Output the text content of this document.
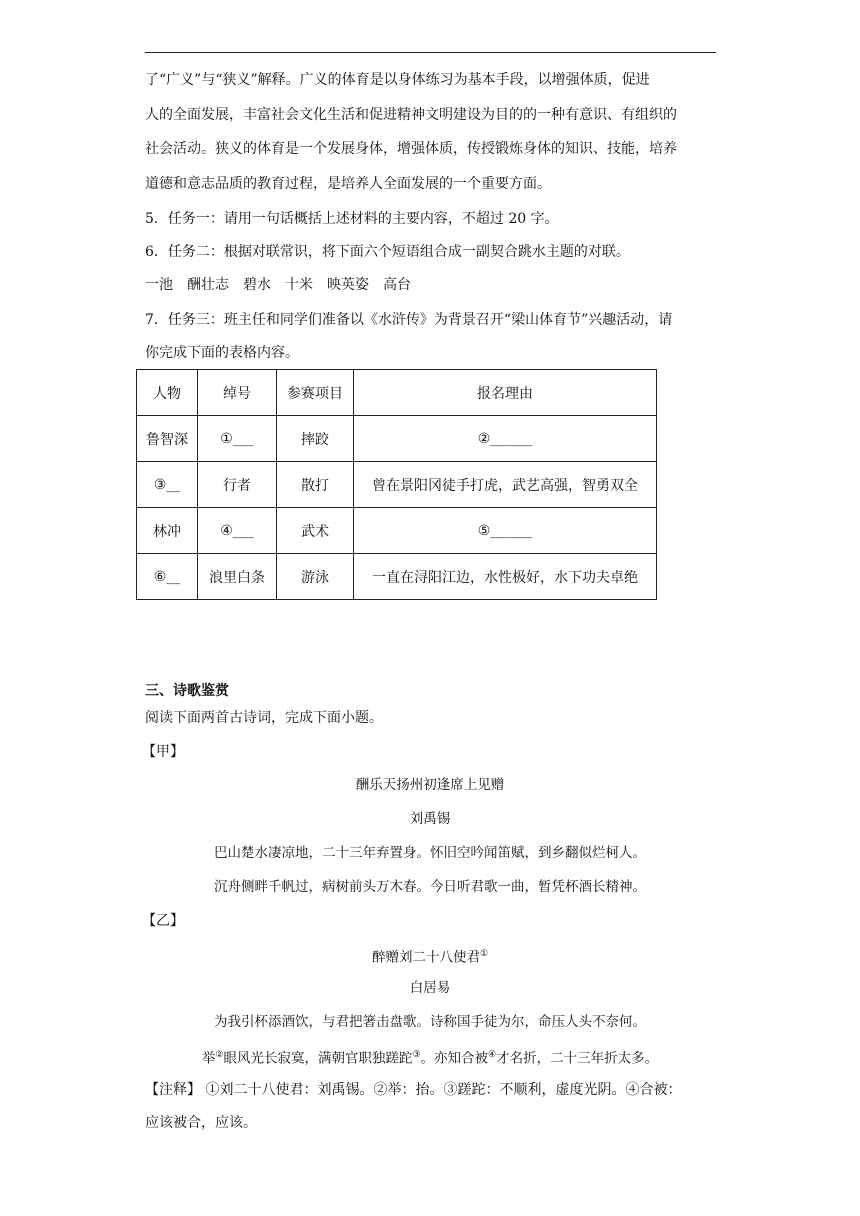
了“广义”与“狭义”解释。广义的体育是以身体练习为基本手段，以增强体质，促进
人的全面发展，丰富社会文化生活和促进精神文明建设为目的的一种有意识、有组织的
社会活动。狭义的体育是一个发展身体，增强体质，传授锻炼身体的知识、技能，培养
道德和意志品质的教育过程，是培养人全面发展的一个重要方面。
5．任务一：请用一句话概括上述材料的主要内容，不超过 20 字。
6．任务二：根据对联常识，将下面六个短语组合成一副契合跳水主题的对联。
一池　酬壮志　碧水　十米　映英姿　高台
7．任务三：班主任和同学们准备以《水浒传》为背景召开“梁山体育节”兴趣活动，请
你完成下面的表格内容。
人物	绰号	参赛项目	报名理由
鲁智深	①___	摔跤	②______
③__	行者	散打	曾在景阳冈徒手打虎，武艺高强，智勇双全
林冲	④___	武术	⑤______
⑥__	浪里白条	游泳	一直在浔阳江边，水性极好，水下功夫卓绝
三、诗歌鉴赏
阅读下面两首古诗词，完成下面小题。
【甲】
酬乐天扬州初逢席上见赠
刘禹锡
巴山楚水凄凉地，二十三年弃置身。怀旧空吟闻笛赋，到乡翻似烂柯人。
沉舟侧畔千帆过，病树前头万木春。今日听君歌一曲，暂凭杯酒长精神。
【乙】
醉赠刘二十八使君①
白居易
为我引杯添酒饮，与君把箸击盘歌。诗称国手徒为尔，命压人头不奈何。
举②眼风光长寂寞，满朝官职独蹉跎③。亦知合被④才名折，二十三年折太多。
【注释】 ①刘二十八使君：刘禹锡。②举：抬。③蹉跎：不顺利，虚度光阴。④合被：
应该被合，应该。
